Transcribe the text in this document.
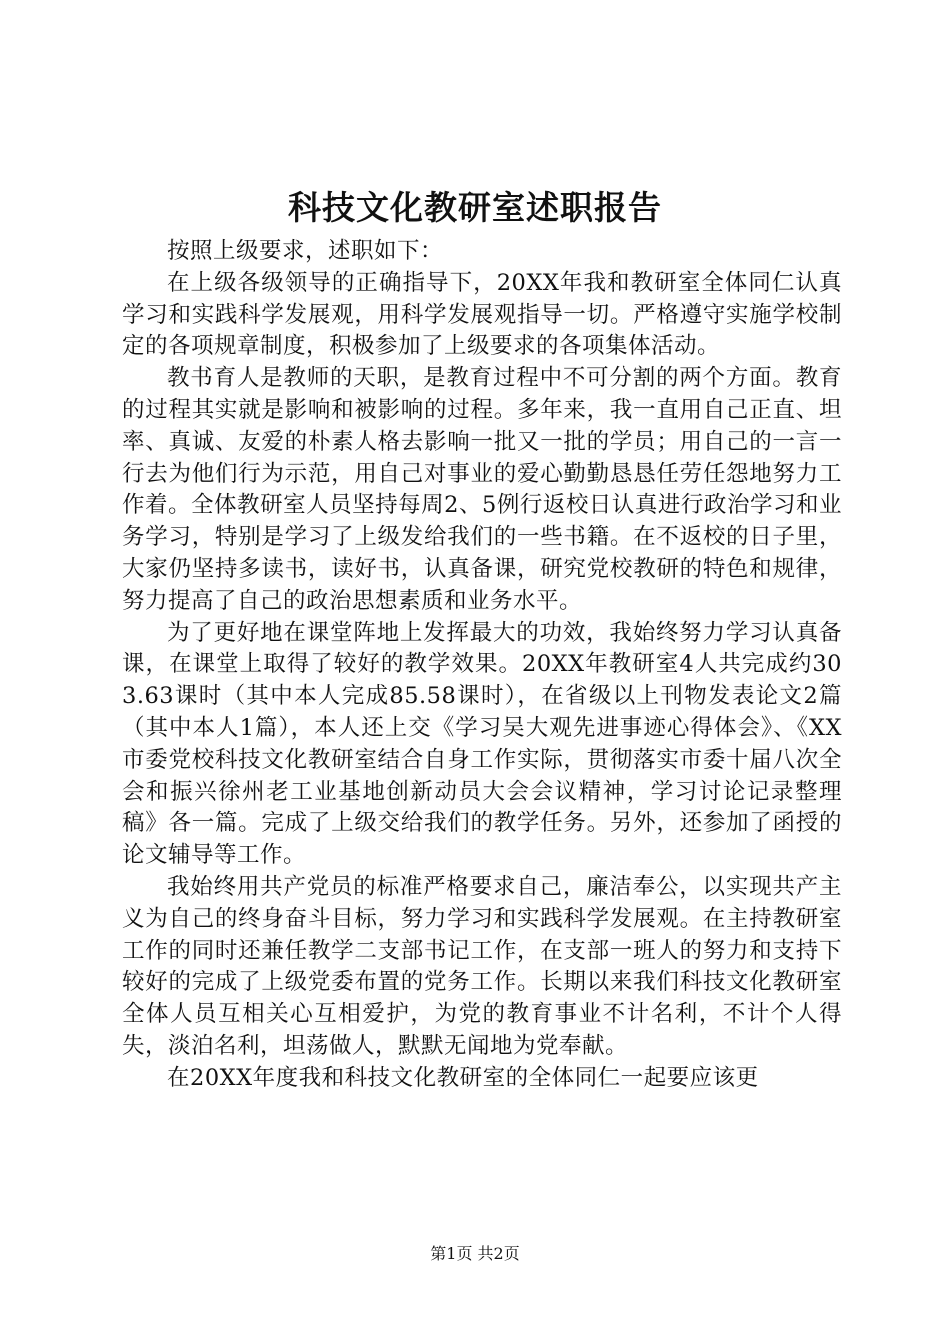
科技文化教研室述职报告

按照上级要求，述职如下：

在上级各级领导的正确指导下，20XX年我和教研室全体同仁认真学习和实践科学发展观，用科学发展观指导一切。严格遵守实施学校制定的各项规章制度，积极参加了上级要求的各项集体活动。

教书育人是教师的天职，是教育过程中不可分割的两个方面。教育的过程其实就是影响和被影响的过程。多年来，我一直用自己正直、坦率、真诚、友爱的朴素人格去影响一批又一批的学员；用自己的一言一行去为他们行为示范，用自己对事业的爱心勤勤恳恳任劳任怨地努力工作着。全体教研室人员坚持每周2、5例行返校日认真进行政治学习和业务学习，特别是学习了上级发给我们的一些书籍。在不返校的日子里，大家仍坚持多读书，读好书，认真备课，研究党校教研的特色和规律，努力提高了自己的政治思想素质和业务水平。

为了更好地在课堂阵地上发挥最大的功效，我始终努力学习认真备课，在课堂上取得了较好的教学效果。20XX年教研室4人共完成约303.63课时（其中本人完成85.58课时），在省级以上刊物发表论文2篇（其中本人1篇），本人还上交《学习吴大观先进事迹心得体会》、《XX市委党校科技文化教研室结合自身工作实际，贯彻落实市委十届八次全会和振兴徐州老工业基地创新动员大会会议精神，学习讨论记录整理稿》各一篇。完成了上级交给我们的教学任务。另外，还参加了函授的论文辅导等工作。

我始终用共产党员的标准严格要求自己，廉洁奉公，以实现共产主义为自己的终身奋斗目标，努力学习和实践科学发展观。在主持教研室工作的同时还兼任教学二支部书记工作，在支部一班人的努力和支持下较好的完成了上级党委布置的党务工作。长期以来我们科技文化教研室全体人员互相关心互相爱护，为党的教育事业不计名利，不计个人得失，淡泊名利，坦荡做人，默默无闻地为党奉献。

在20XX年度我和科技文化教研室的全体同仁一起要应该更

第1页 共2页
